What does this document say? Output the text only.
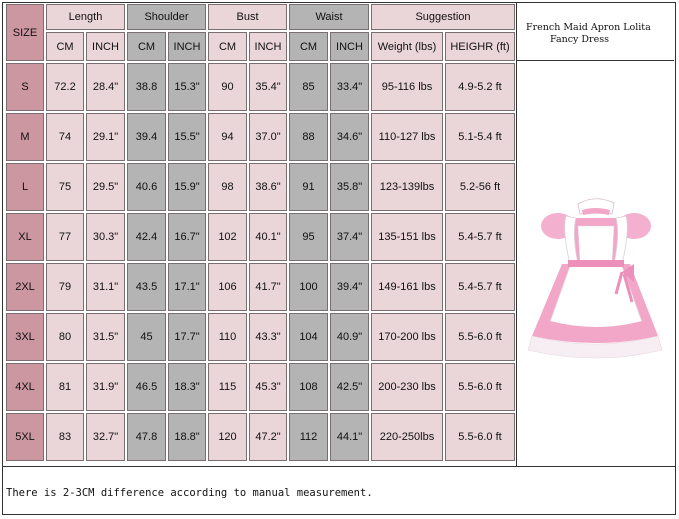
SIZE	Length		Shoulder		Bust		Waist		Suggestion	
	CM	INCH	CM	INCH	CM	INCH	CM	INCH	Weight (lbs)	HEIGHR (ft)
S	72.2	28.4"	38.8	15.3"	90	35.4"	85	33.4"	95-116 lbs	4.9-5.2 ft
M	74	29.1"	39.4	15.5"	94	37.0"	88	34.6"	110-127 lbs	5.1-5.4 ft
L	75	29.5"	40.6	15.9"	98	38.6"	91	35.8"	123-139lbs	5.2-56 ft
XL	77	30.3"	42.4	16.7"	102	40.1"	95	37.4"	135-151 lbs	5.4-5.7 ft
2XL	79	31.1"	43.5	17.1"	106	41.7"	100	39.4"	149-161 lbs	5.4-5.7 ft
3XL	80	31.5"	45	17.7"	110	43.3"	104	40.9"	170-200 lbs	5.5-6.0 ft
4XL	81	31.9"	46.5	18.3"	115	45.3"	108	42.5"	200-230 lbs	5.5-6.0 ft
5XL	83	32.7"	47.8	18.8"	120	47.2"	112	44.1"	220-250lbs	5.5-6.0 ft
French Maid Apron Lolita
Fancy Dress
There is 2-3CM difference according to manual measurement.
